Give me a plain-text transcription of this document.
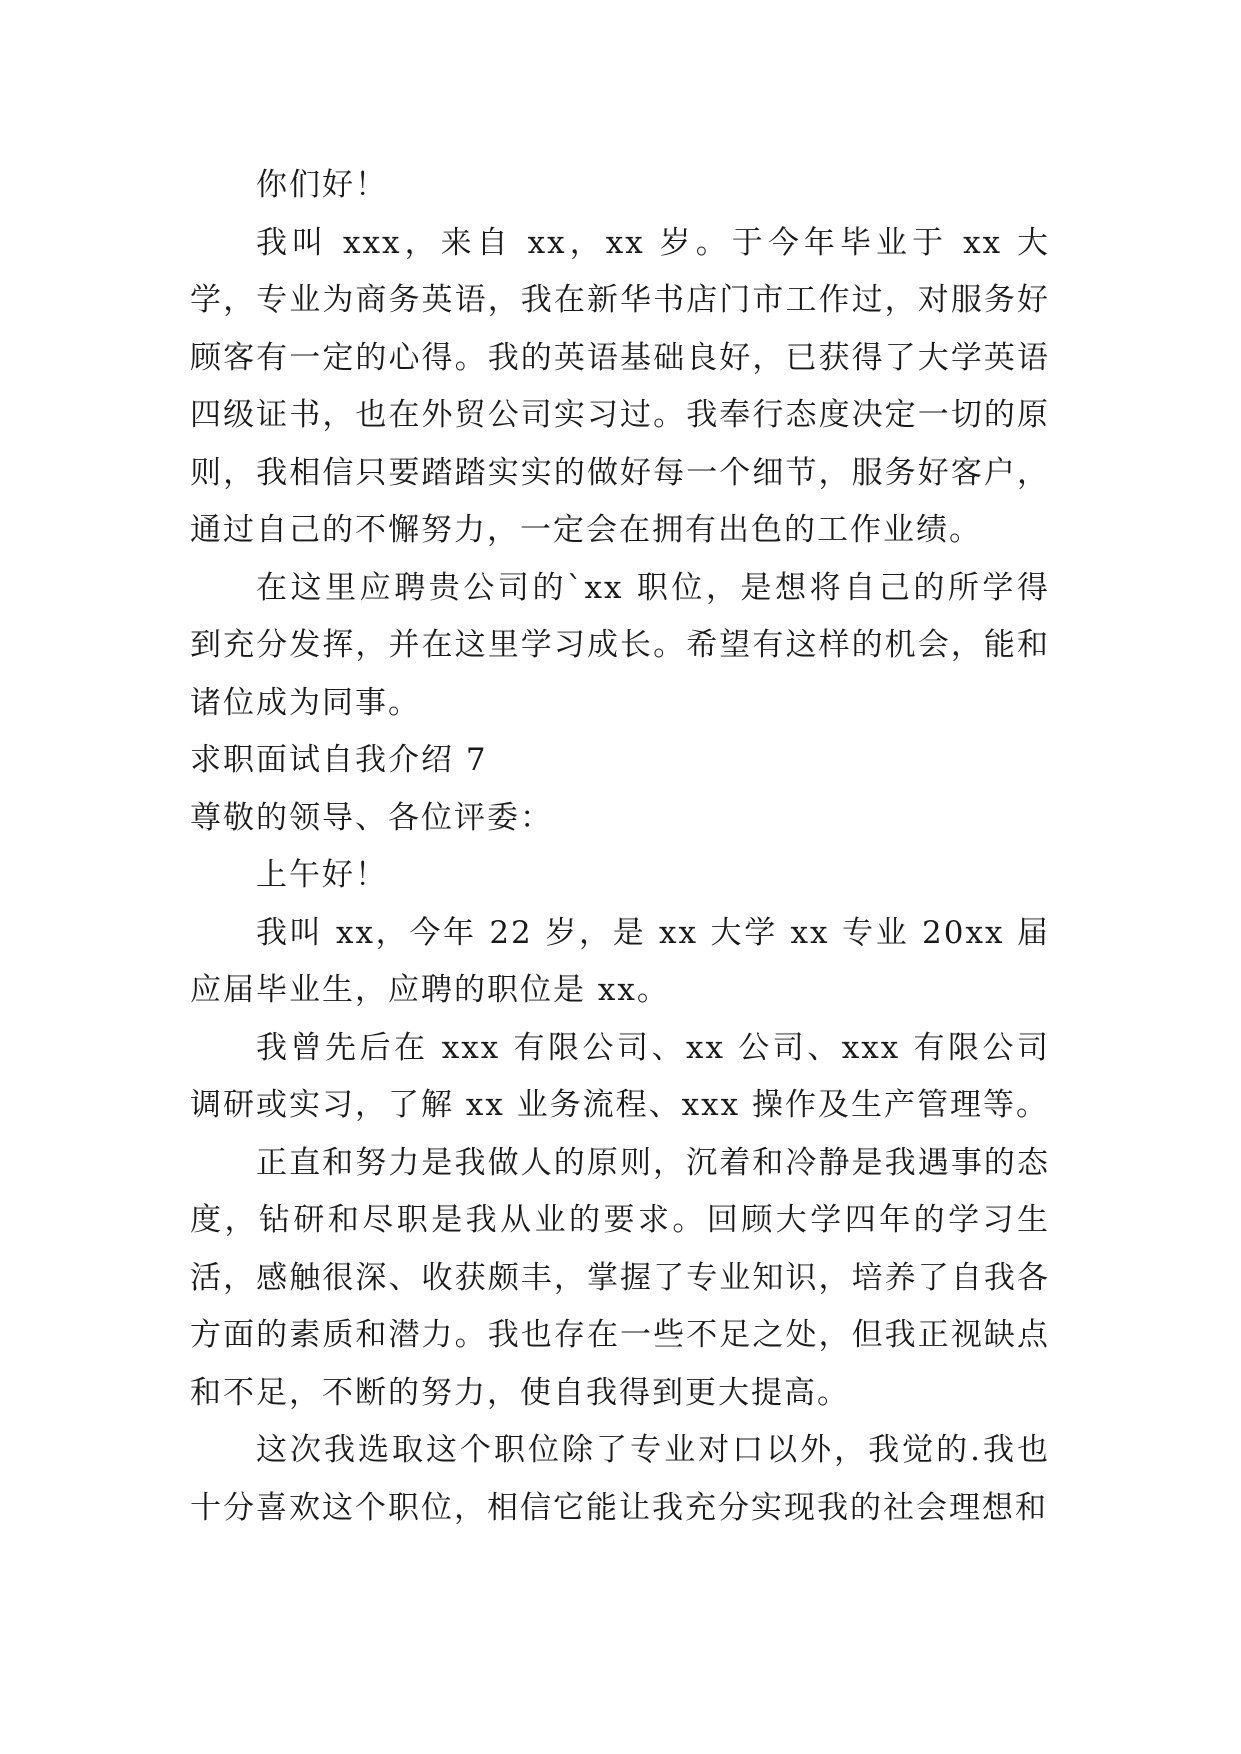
你们好！

我叫 xxx，来自 xx，xx 岁。于今年毕业于 xx 大学，专业为商务英语，我在新华书店门市工作过，对服务好顾客有一定的心得。我的英语基础良好，已获得了大学英语四级证书，也在外贸公司实习过。我奉行态度决定一切的原则，我相信只要踏踏实实的做好每一个细节，服务好客户，通过自己的不懈努力，一定会在拥有出色的工作业绩。

在这里应聘贵公司的`xx 职位，是想将自己的所学得到充分发挥，并在这里学习成长。希望有这样的机会，能和诸位成为同事。

求职面试自我介绍 7

尊敬的领导、各位评委：

上午好！

我叫 xx，今年 22 岁，是 xx 大学 xx 专业 20xx 届应届毕业生，应聘的职位是 xx。

我曾先后在 xxx 有限公司、xx 公司、xxx 有限公司调研或实习，了解 xx 业务流程、xxx 操作及生产管理等。

正直和努力是我做人的原则，沉着和冷静是我遇事的态度，钻研和尽职是我从业的要求。回顾大学四年的学习生活，感触很深、收获颇丰，掌握了专业知识，培养了自我各方面的素质和潜力。我也存在一些不足之处，但我正视缺点和不足，不断的努力，使自我得到更大提高。

这次我选取这个职位除了专业对口以外，我觉的.我也十分喜欢这个职位，相信它能让我充分实现我的社会理想和
